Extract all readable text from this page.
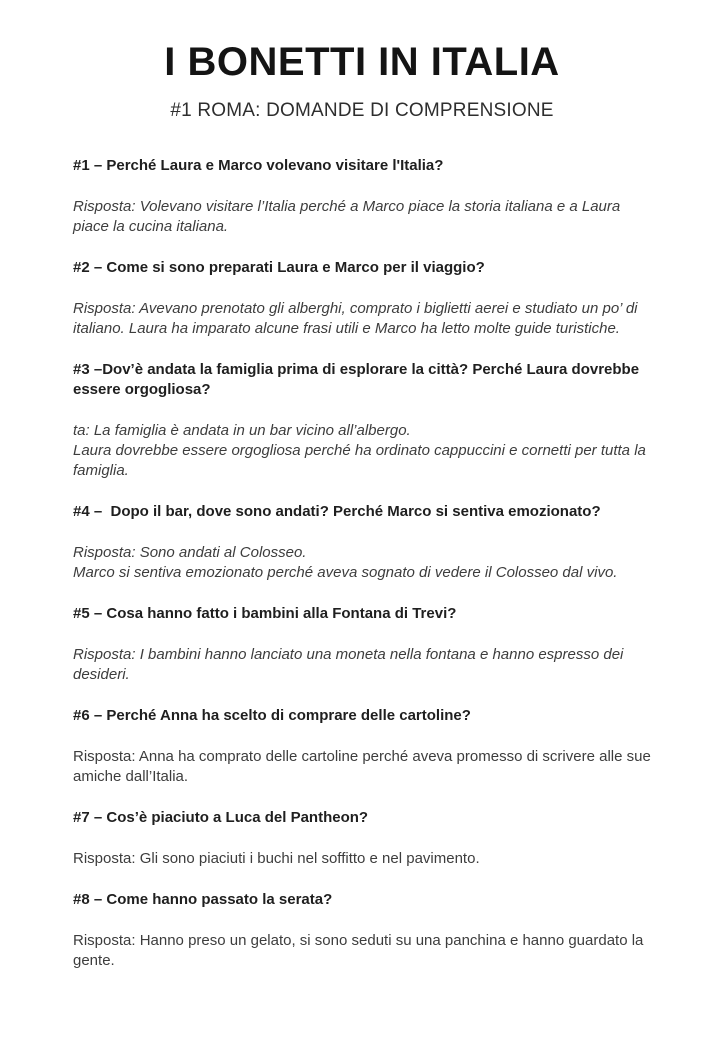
I BONETTI IN ITALIA
#1 ROMA: DOMANDE DI COMPRENSIONE

#1 – Perché Laura e Marco volevano visitare l'Italia?

Risposta: Volevano visitare l’Italia perché a Marco piace la storia italiana e a Laura piace la cucina italiana.

#2 – Come si sono preparati Laura e Marco per il viaggio?

Risposta: Avevano prenotato gli alberghi, comprato i biglietti aerei e studiato un po’ di italiano. Laura ha imparato alcune frasi utili e Marco ha letto molte guide turistiche.

#3 –Dov’è andata la famiglia prima di esplorare la città? Perché Laura dovrebbe essere orgogliosa?

ta: La famiglia è andata in un bar vicino all’albergo.
Laura dovrebbe essere orgogliosa perché ha ordinato cappuccini e cornetti per tutta la famiglia.

#4 –  Dopo il bar, dove sono andati? Perché Marco si sentiva emozionato?

Risposta: Sono andati al Colosseo.
Marco si sentiva emozionato perché aveva sognato di vedere il Colosseo dal vivo.

#5 – Cosa hanno fatto i bambini alla Fontana di Trevi?

Risposta: I bambini hanno lanciato una moneta nella fontana e hanno espresso dei desideri.

#6 – Perché Anna ha scelto di comprare delle cartoline?

Risposta: Anna ha comprato delle cartoline perché aveva promesso di scrivere alle sue amiche dall’Italia.

#7 – Cos’è piaciuto a Luca del Pantheon?

Risposta: Gli sono piaciuti i buchi nel soffitto e nel pavimento.

#8 – Come hanno passato la serata?

Risposta: Hanno preso un gelato, si sono seduti su una panchina e hanno guardato la gente.
